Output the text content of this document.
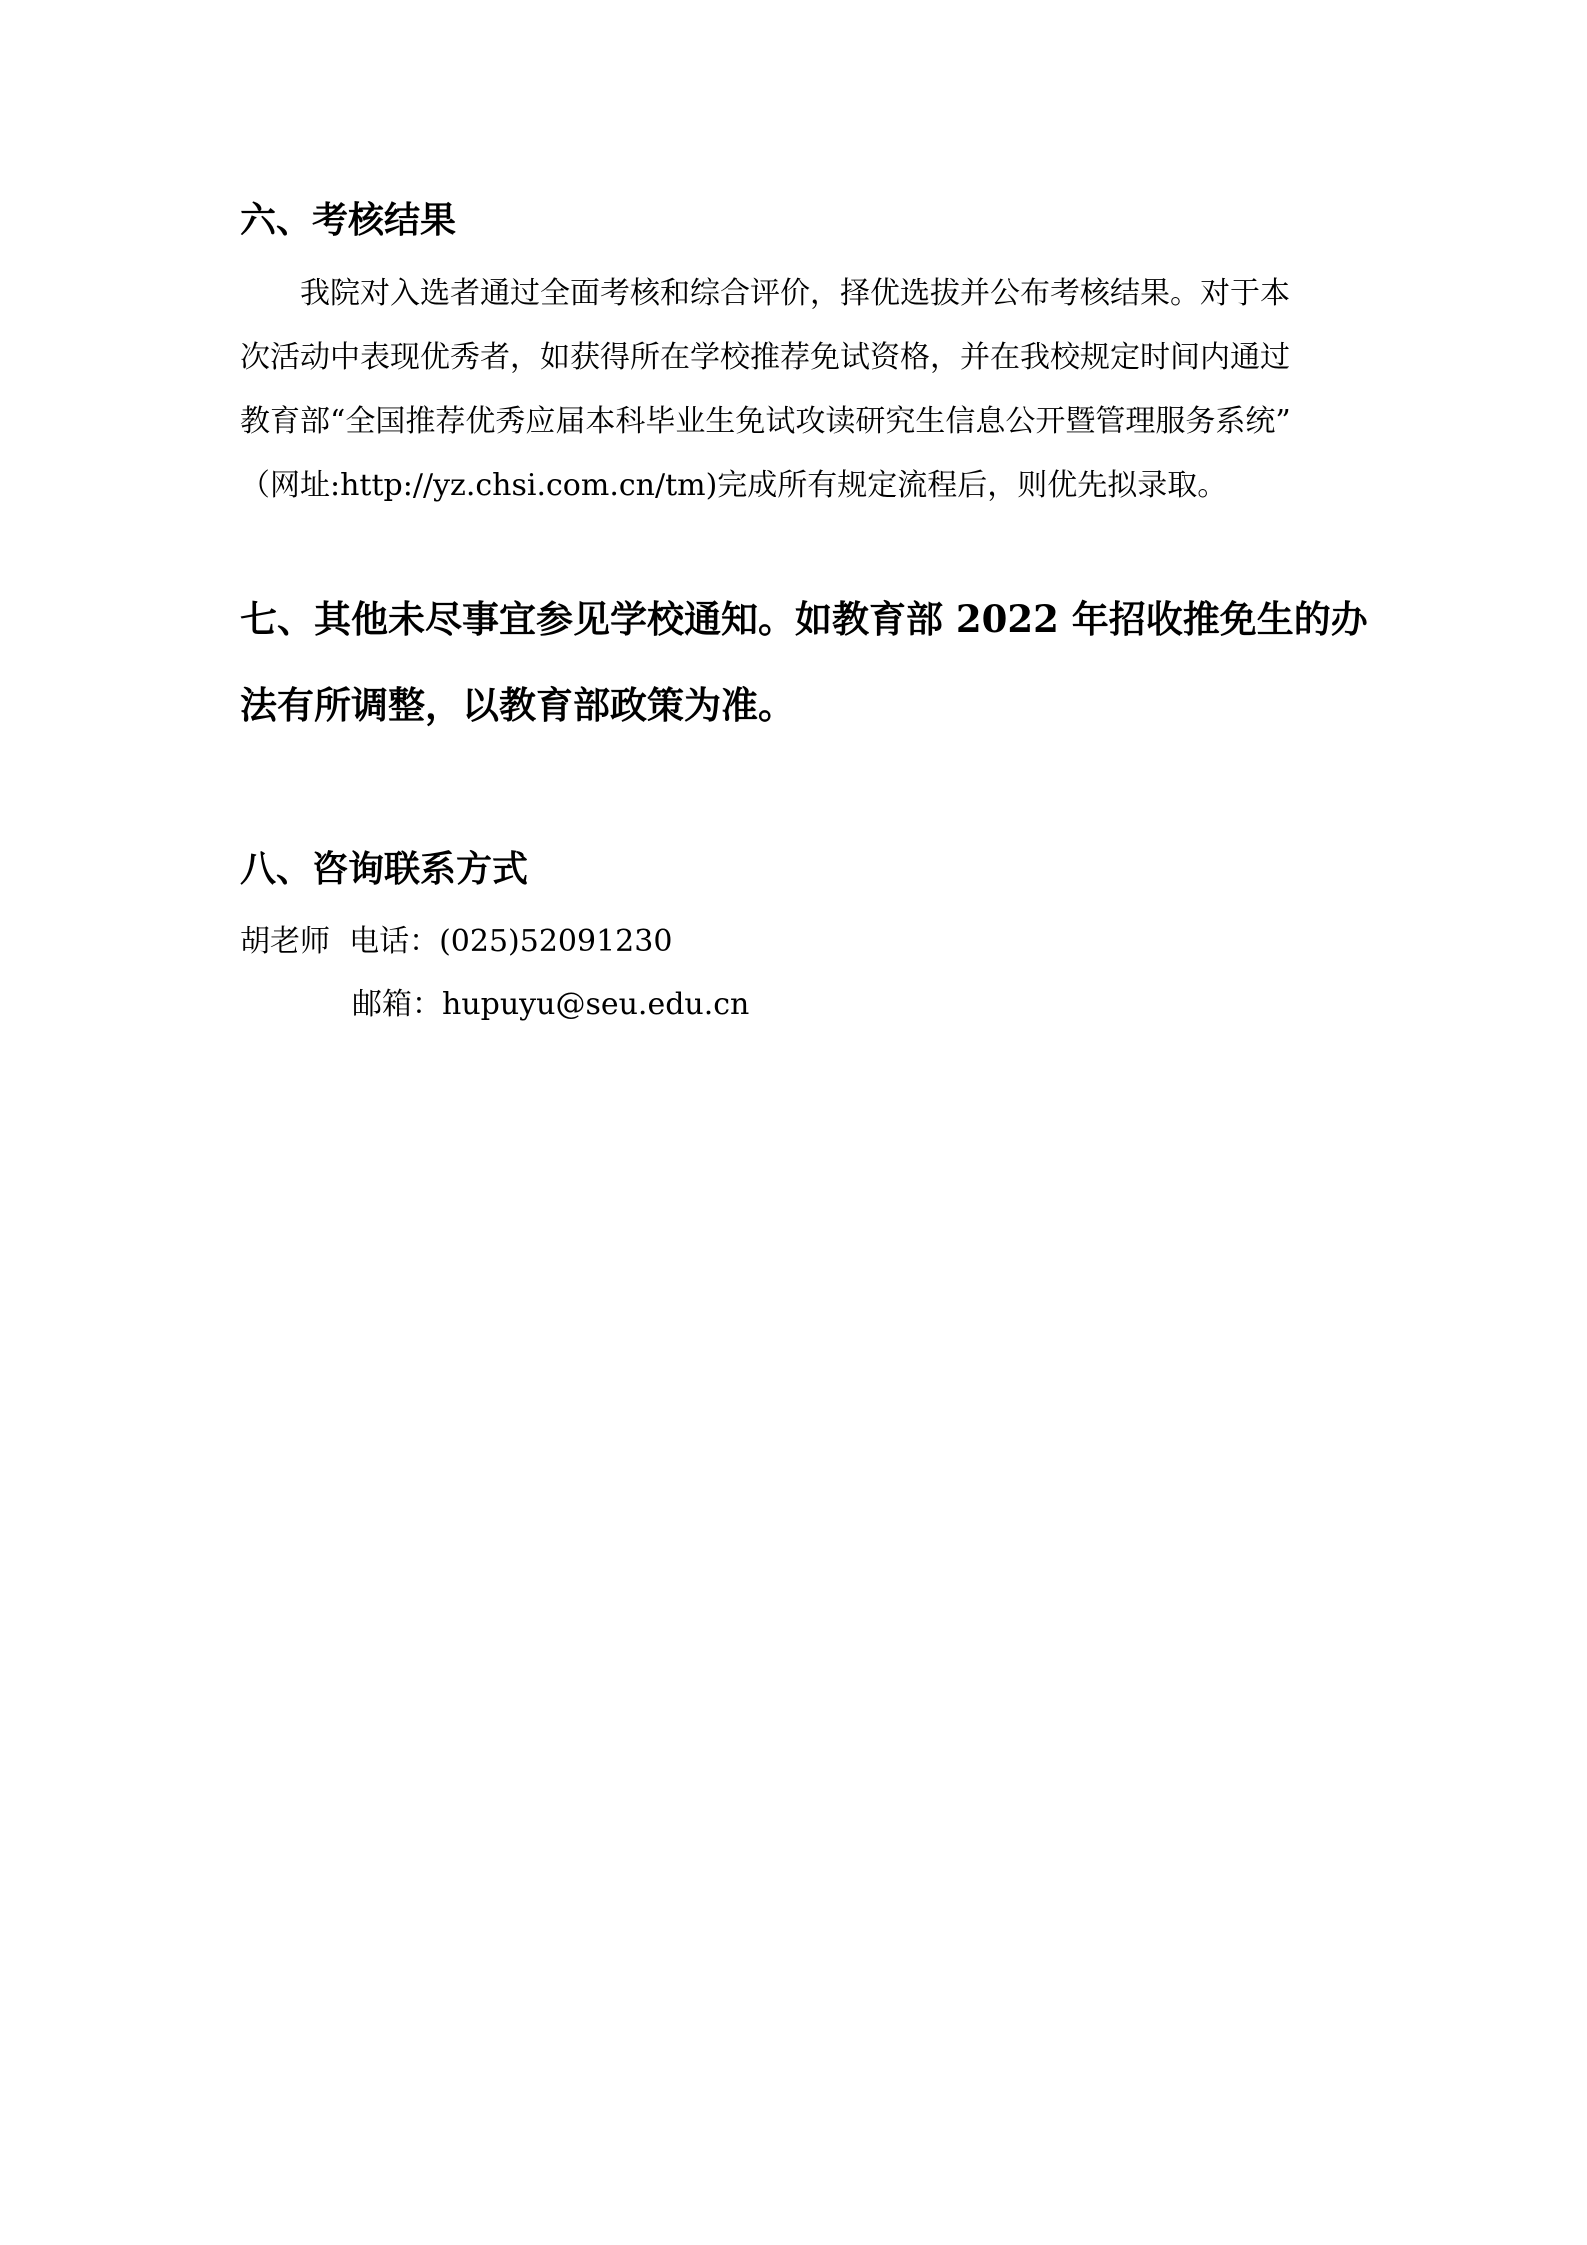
六、考核结果
　　我院对入选者通过全面考核和综合评价，择优选拔并公布考核结果。对于本
次活动中表现优秀者，如获得所在学校推荐免试资格，并在我校规定时间内通过
教育部“全国推荐优秀应届本科毕业生免试攻读研究生信息公开暨管理服务系统”
（网址:http://yz.chsi.com.cn/tm)完成所有规定流程后，则优先拟录取。
七、其他未尽事宜参见学校通知。如教育部 2022 年招收推免生的办
法有所调整，以教育部政策为准。
八、咨询联系方式
胡老师 电话：(025)52091230
邮箱：hupuyu@seu.edu.cn
